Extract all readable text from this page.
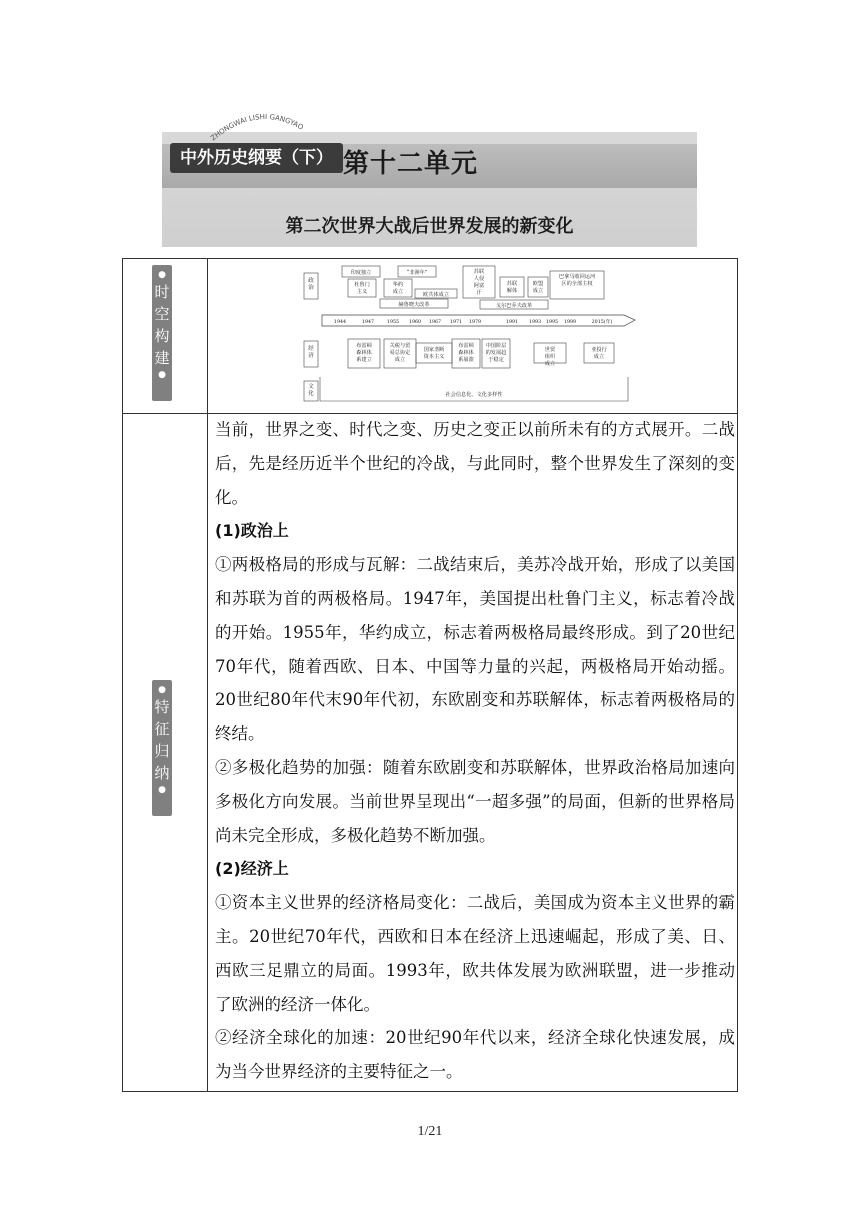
ZHONGWAI LISHI GANGYAO
中外历史纲要（下） 第十二单元
第二次世界大战后世界发展的新变化
●
时
空
构
建
●
●
特
征
归
纳
●
政
治
经
济
文
化
印度独立	“非洲年”	苏联
人侵
阿富
汗
巴拿马收回运河
区的全部主权
杜鲁门
主义
华约
成立
苏联
解体
欧盟
成立
欧共体成立
赫鲁晓夫改革	戈尔巴乔夫改革
1944	1947	1955 1960 1967 1971 1979	1991 1993 1995 1999	2015(年)
布雷顿
森林体
系建立
关税与贸
易总协定
成立
国家垄断
资本主义
布雷顿
森林体
系崩溃
中国阶层
的发展趋
于稳定
世贸
组织
成立
亚投行
成立
社会信息化、文化多样性

当前，世界之变、时代之变、历史之变正以前所未有的方式展开。二战后，先是经历近半个世纪的冷战，与此同时，整个世界发生了深刻的变化。

(1)政治上

①两极格局的形成与瓦解：二战结束后，美苏冷战开始，形成了以美国和苏联为首的两极格局。1947年，美国提出杜鲁门主义，标志着冷战的开始。1955年，华约成立，标志着两极格局最终形成。到了20世纪70年代，随着西欧、日本、中国等力量的兴起，两极格局开始动摇。20世纪80年代末90年代初，东欧剧变和苏联解体，标志着两极格局的终结。

②多极化趋势的加强：随着东欧剧变和苏联解体，世界政治格局加速向多极化方向发展。当前世界呈现出“一超多强”的局面，但新的世界格局尚未完全形成，多极化趋势不断加强。

(2)经济上

①资本主义世界的经济格局变化：二战后，美国成为资本主义世界的霸主。20世纪70年代，西欧和日本在经济上迅速崛起，形成了美、日、西欧三足鼎立的局面。1993年，欧共体发展为欧洲联盟，进一步推动了欧洲的经济一体化。

②经济全球化的加速：20世纪90年代以来，经济全球化快速发展，成为当今世界经济的主要特征之一。

1/21
